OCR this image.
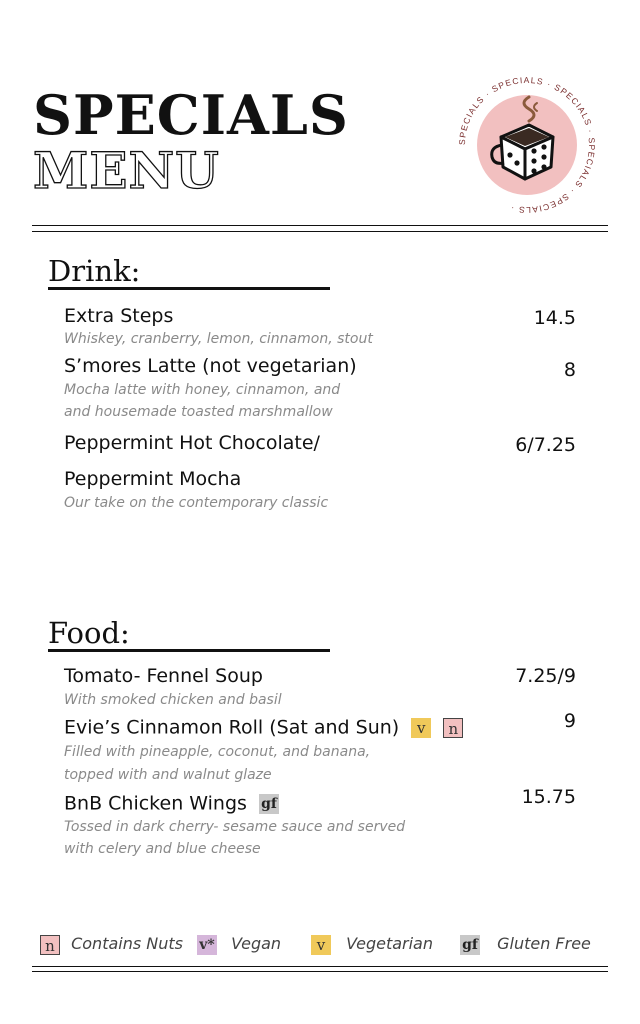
SPECIALS
MENU	SPECIALS · SPECIALS · SPECIALS · SPECIALS · SPECIALS ·
Drink:
Extra Steps	14.5
Whiskey, cranberry, lemon, cinnamon, stout
S’mores Latte (not vegetarian)	8
Mocha latte with honey, cinnamon, and
and housemade toasted marshmallow
Peppermint Hot Chocolate/	6/7.25
Peppermint Mocha
Our take on the contemporary classic
Food:
Tomato- Fennel Soup	7.25/9
With smoked chicken and basil
Evie’s Cinnamon Roll (Sat and Sun) v n	9
Filled with pineapple, coconut, and banana,
topped with and walnut glaze
BnB Chicken Wings gf	15.75
Tossed in dark cherry- sesame sauce and served
with celery and blue cheese
n Contains Nuts v* Vegan	v Vegetarian gf Gluten Free
